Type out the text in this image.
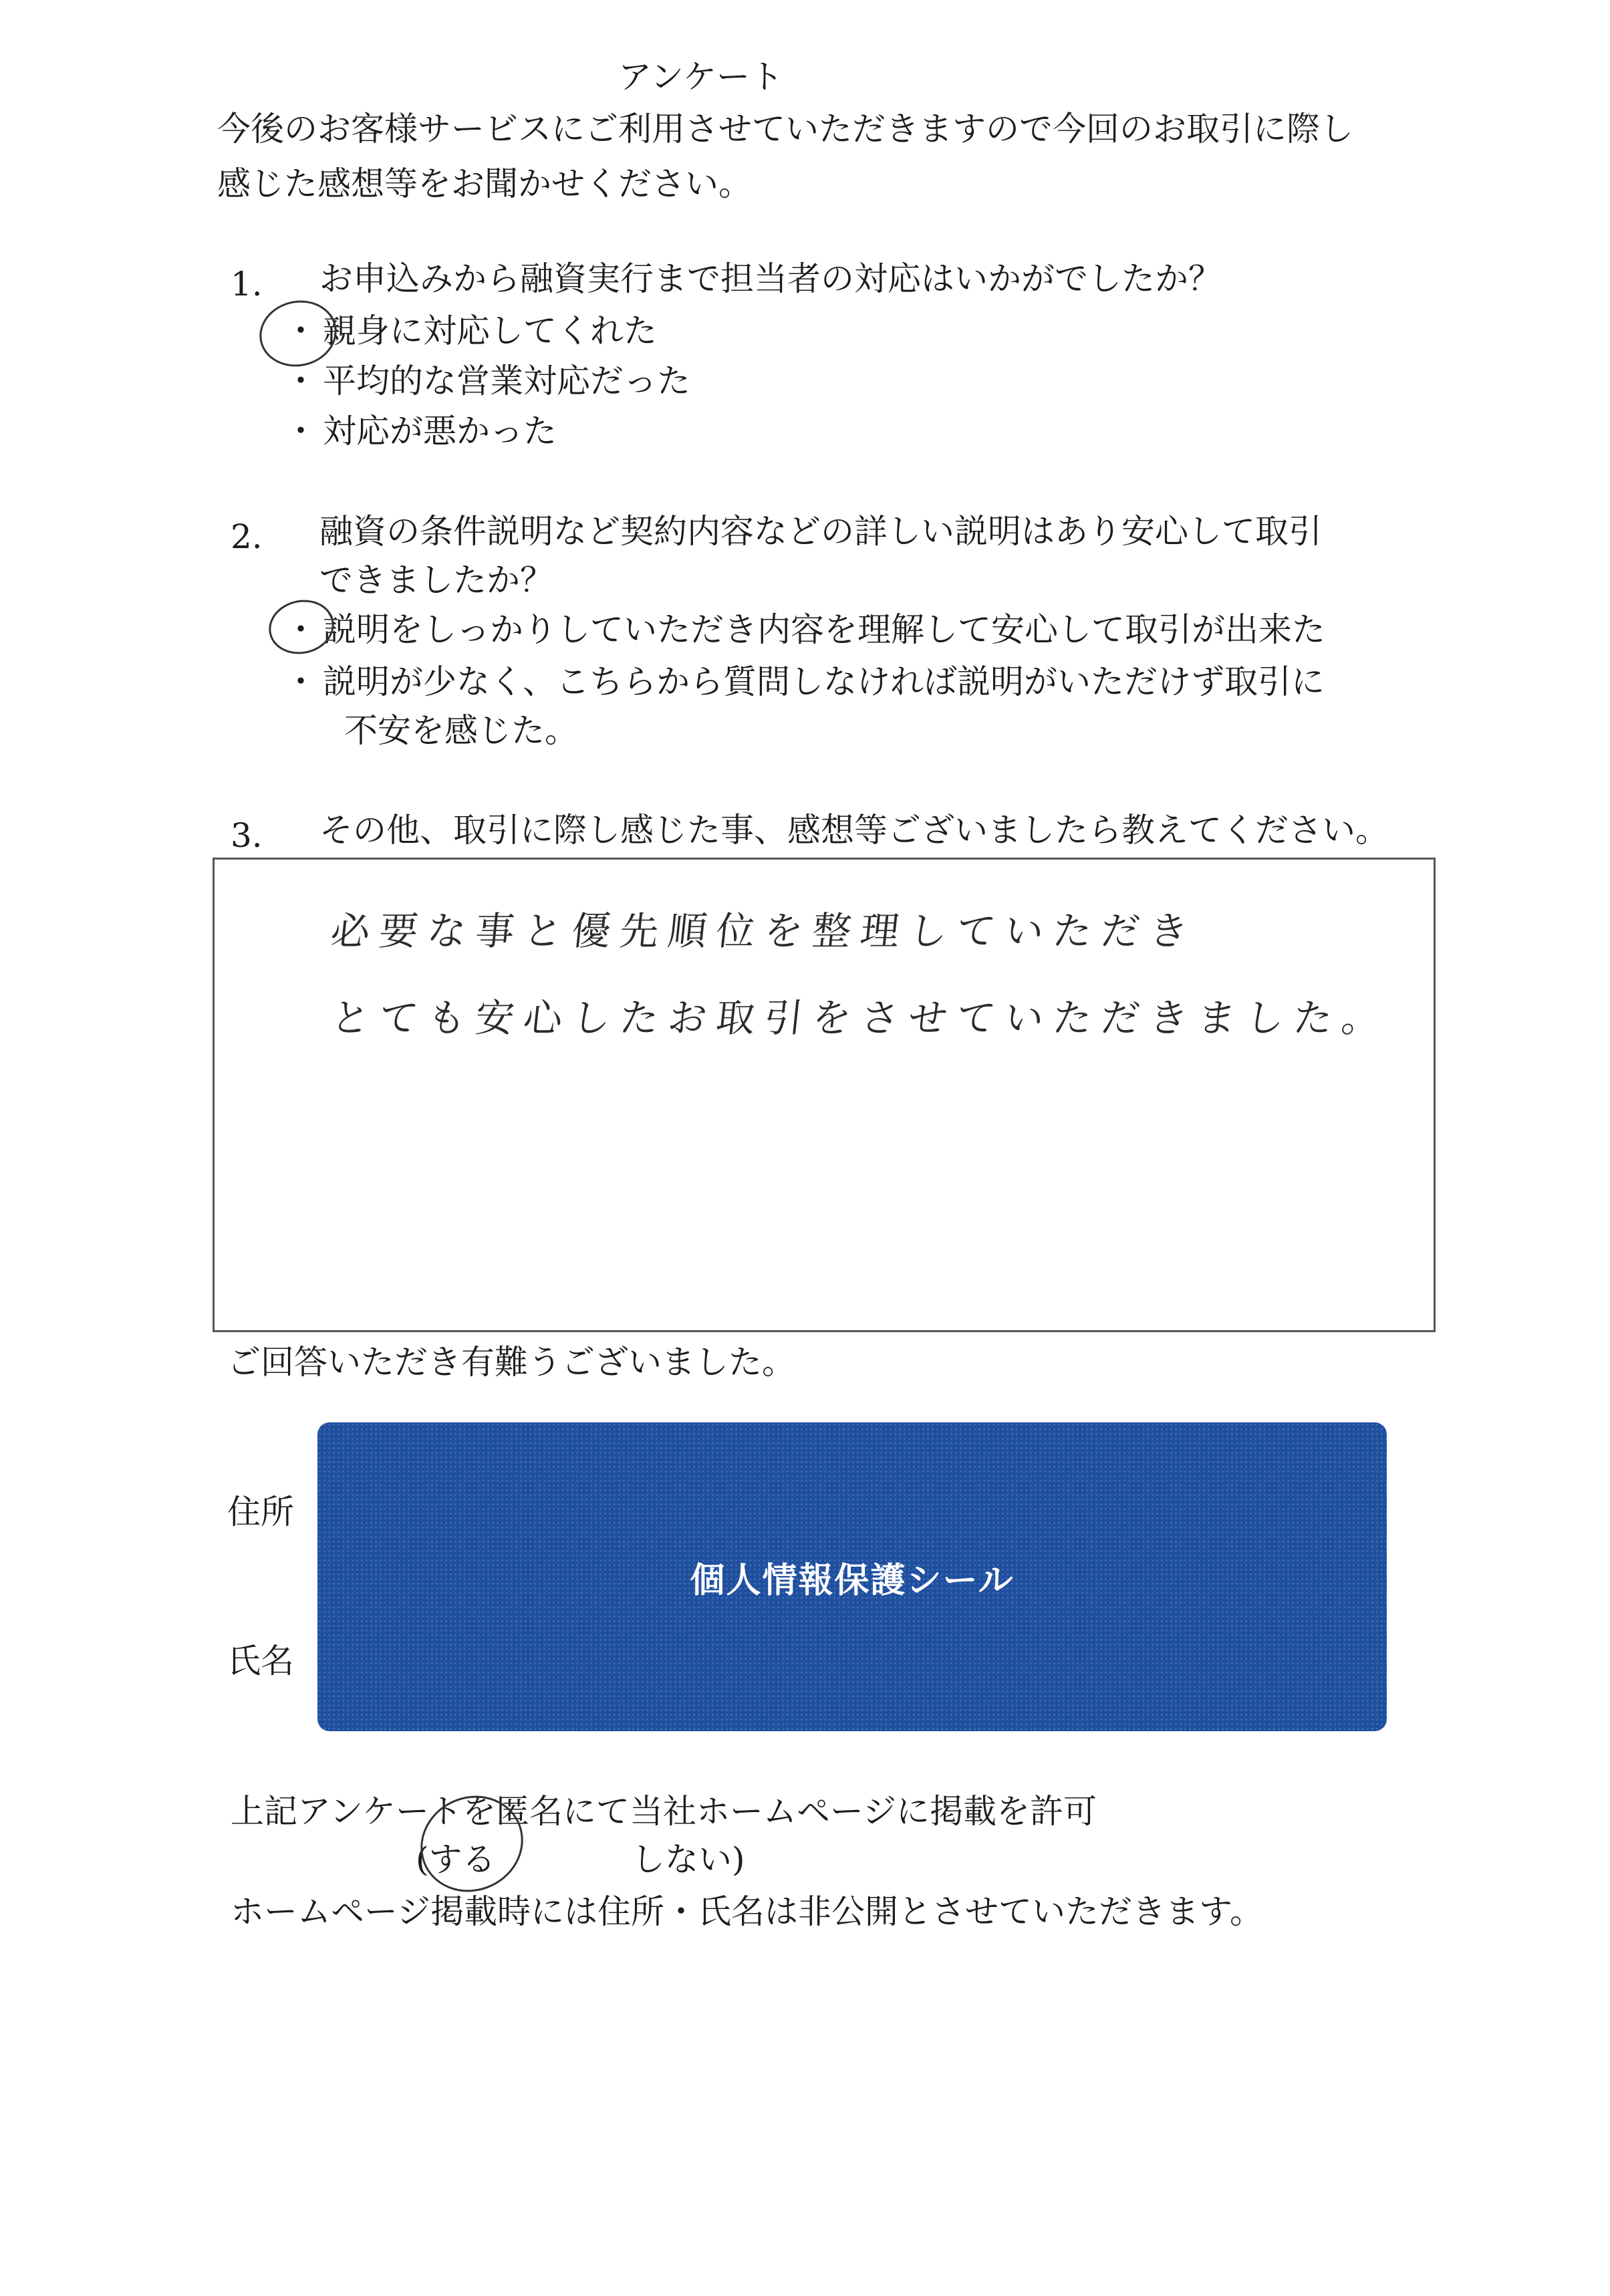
アンケート
今後のお客様サービスにご利用させていただきますので今回のお取引に際し
感じた感想等をお聞かせください。
1. お申込みから融資実行まで担当者の対応はいかがでしたか？
・ 親身に対応してくれた
・ 平均的な営業対応だった
・ 対応が悪かった
2. 融資の条件説明など契約内容などの詳しい説明はあり安心して取引
できましたか？
・ 説明をしっかりしていただき内容を理解して安心して取引が出来た
・ 説明が少なく、こちらから質問しなければ説明がいただけず取引に
不安を感じた。
3. その他、取引に際し感じた事、感想等ございましたら教えてください。
必要な事と優先順位を整理していただき
とても安心したお取引をさせていただきました。
ご回答いただき有難うございました。
住所
氏名
個人情報保護シール
上記アンケートを匿名にて当社ホームページに掲載を許可
(する	しない)
ホームページ掲載時には住所・氏名は非公開とさせていただきます。
